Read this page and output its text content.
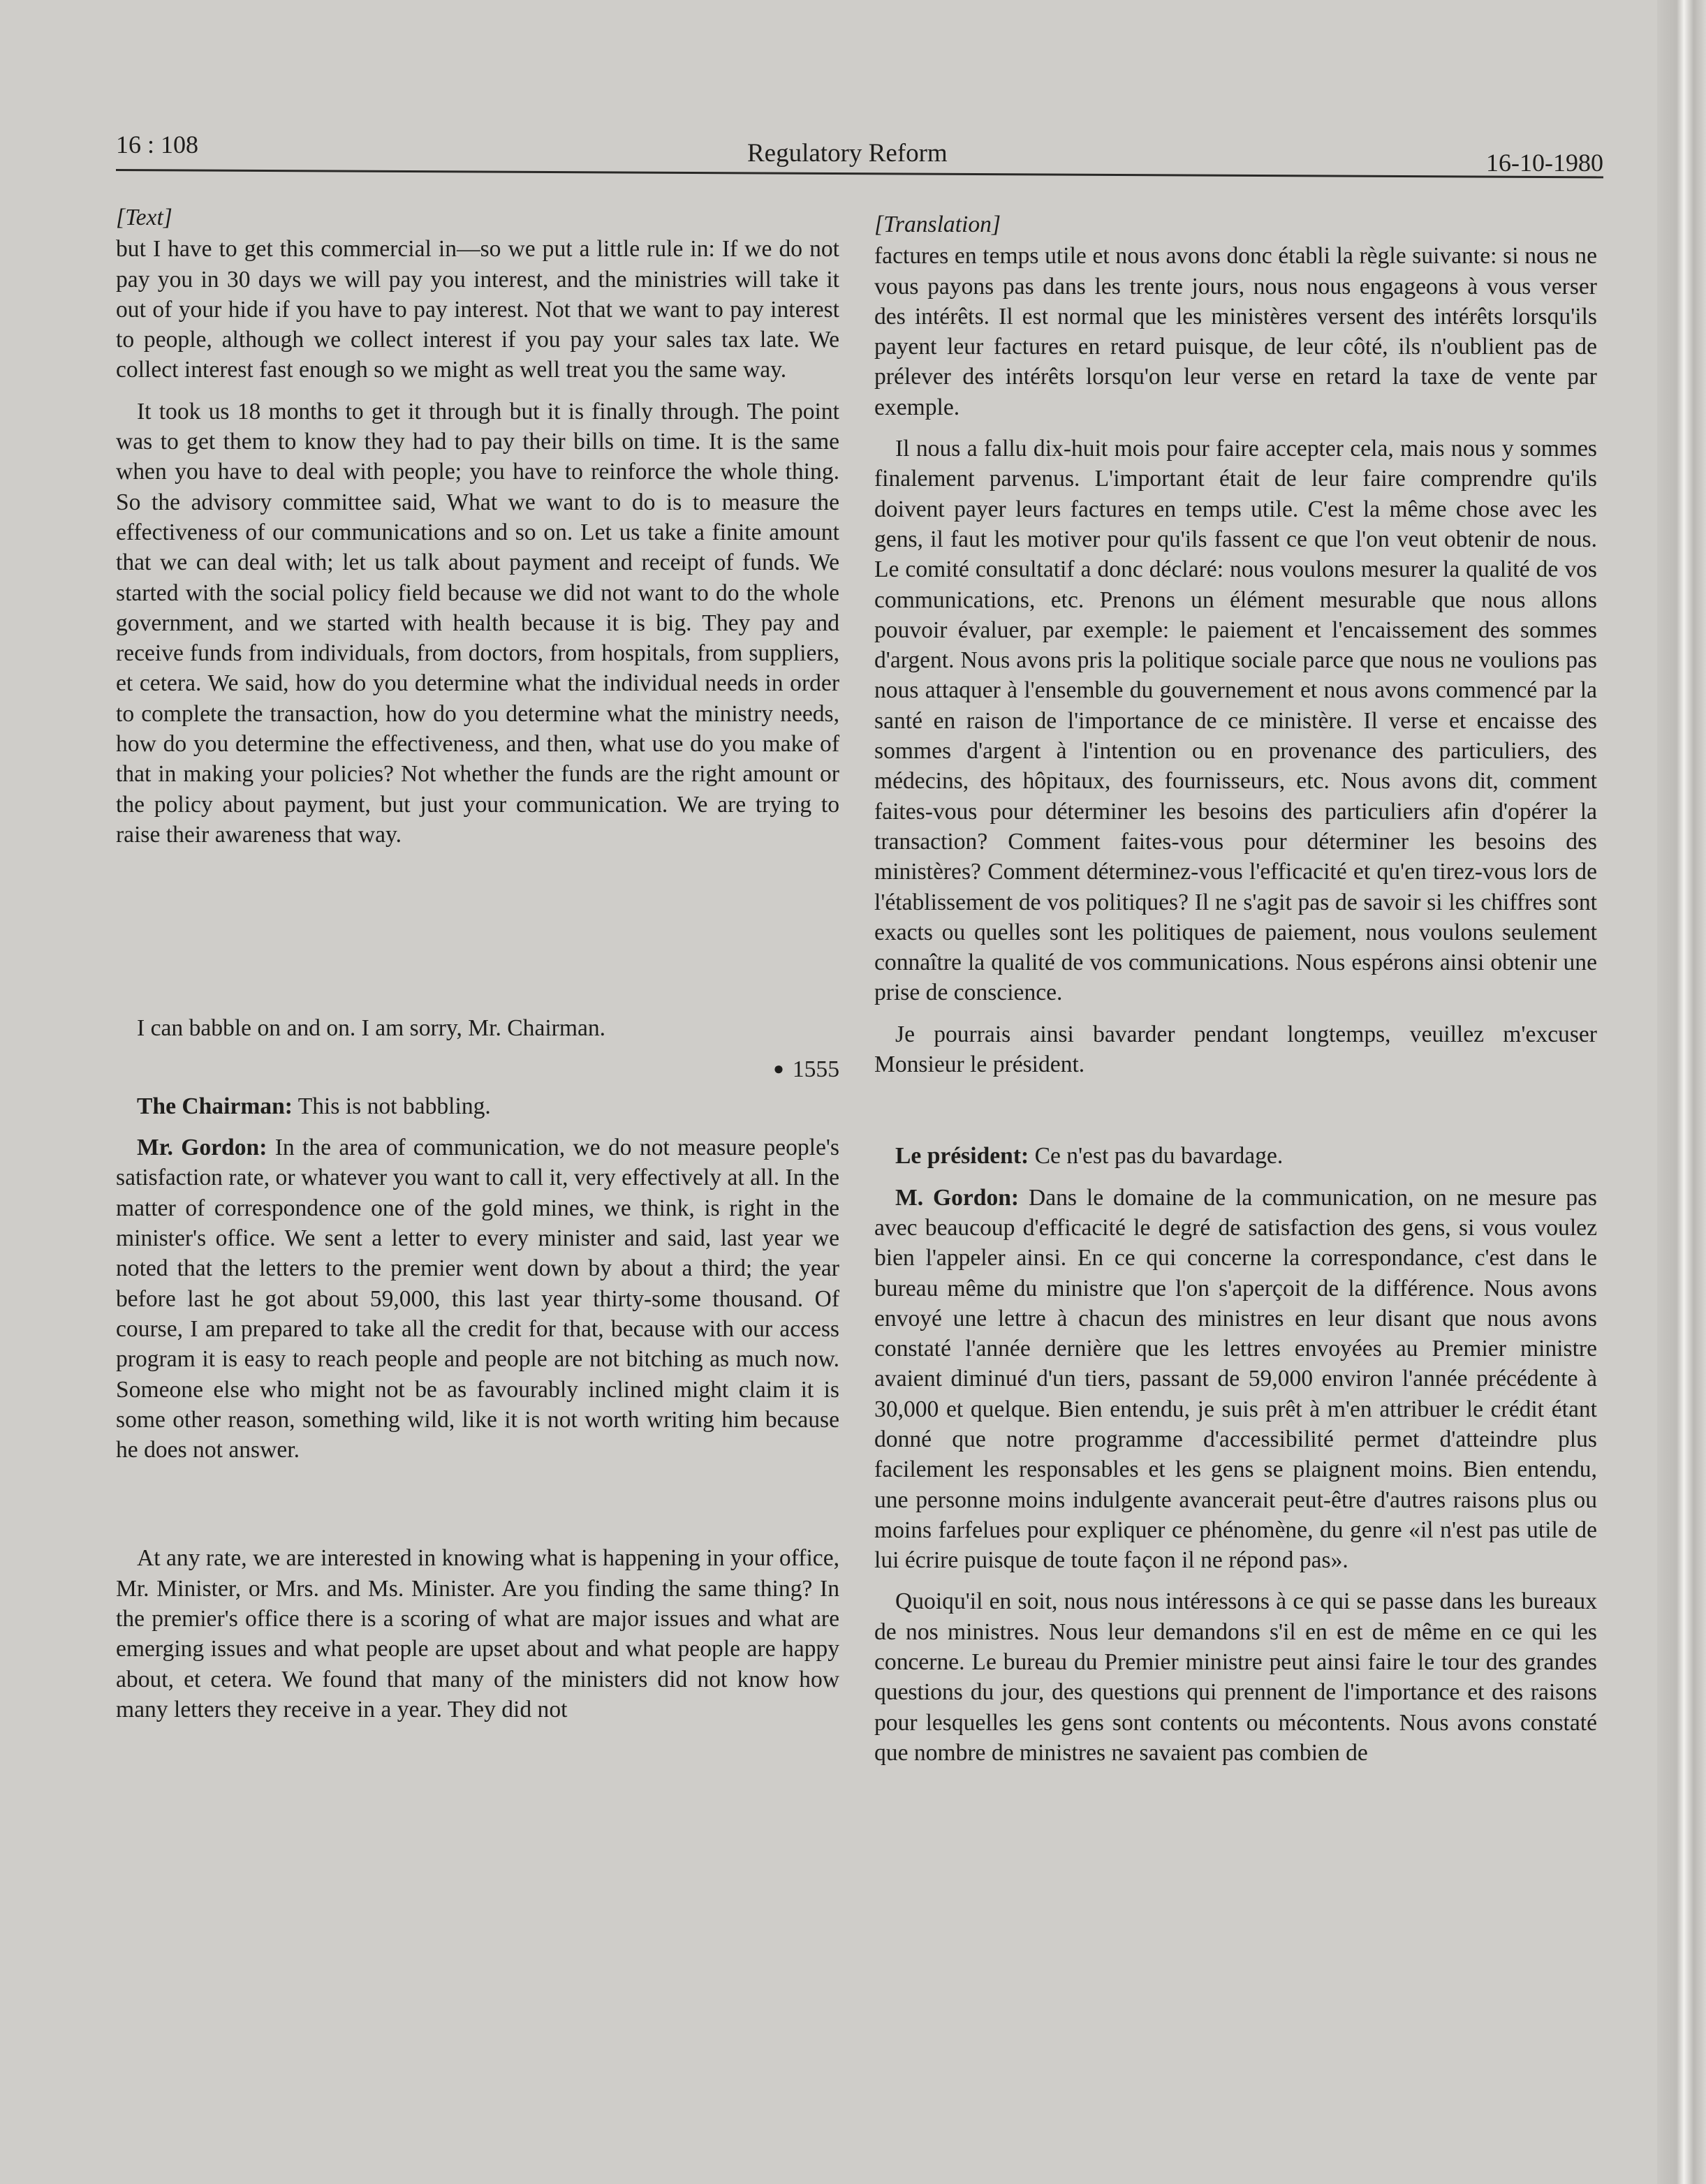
16 : 108	Regulatory Reform	16-10-1980

[Text]

but I have to get this commercial in—so we put a little rule in: If we do not pay you in 30 days we will pay you interest, and the ministries will take it out of your hide if you have to pay interest. Not that we want to pay interest to people, although we collect interest if you pay your sales tax late. We collect interest fast enough so we might as well treat you the same way.

It took us 18 months to get it through but it is finally through. The point was to get them to know they had to pay their bills on time. It is the same when you have to deal with people; you have to reinforce the whole thing. So the advisory committee said, What we want to do is to measure the effectiveness of our communications and so on. Let us take a finite amount that we can deal with; let us talk about payment and receipt of funds. We started with the social policy field because we did not want to do the whole government, and we started with health because it is big. They pay and receive funds from individuals, from doctors, from hospitals, from suppliers, et cetera. We said, how do you determine what the individual needs in order to complete the transaction, how do you determine what the ministry needs, how do you determine the effectiveness, and then, what use do you make of that in making your policies? Not whether the funds are the right amount or the policy about payment, but just your communication. We are trying to raise their awareness that way.

I can babble on and on. I am sorry, Mr. Chairman.

● 1555

The Chairman: This is not babbling.

Mr. Gordon: In the area of communication, we do not measure people's satisfaction rate, or whatever you want to call it, very effectively at all. In the matter of correspondence one of the gold mines, we think, is right in the minister's office. We sent a letter to every minister and said, last year we noted that the letters to the premier went down by about a third; the year before last he got about 59,000, this last year thirty-some thousand. Of course, I am prepared to take all the credit for that, because with our access program it is easy to reach people and people are not bitching as much now. Someone else who might not be as favourably inclined might claim it is some other reason, something wild, like it is not worth writing him because he does not answer.

At any rate, we are interested in knowing what is happening in your office, Mr. Minister, or Mrs. and Ms. Minister. Are you finding the same thing? In the premier's office there is a scoring of what are major issues and what are emerging issues and what people are upset about and what people are happy about, et cetera. We found that many of the ministers did not know how many letters they receive in a year. They did not

[Translation]

factures en temps utile et nous avons donc établi la règle suivante: si nous ne vous payons pas dans les trente jours, nous nous engageons à vous verser des intérêts. Il est normal que les ministères versent des intérêts lorsqu'ils payent leur factures en retard puisque, de leur côté, ils n'oublient pas de prélever des intérêts lorsqu'on leur verse en retard la taxe de vente par exemple.

Il nous a fallu dix-huit mois pour faire accepter cela, mais nous y sommes finalement parvenus. L'important était de leur faire comprendre qu'ils doivent payer leurs factures en temps utile. C'est la même chose avec les gens, il faut les motiver pour qu'ils fassent ce que l'on veut obtenir de nous. Le comité consultatif a donc déclaré: nous voulons mesurer la qualité de vos communications, etc. Prenons un élément mesurable que nous allons pouvoir évaluer, par exemple: le paiement et l'encaissement des sommes d'argent. Nous avons pris la politique sociale parce que nous ne voulions pas nous attaquer à l'ensemble du gouvernement et nous avons commencé par la santé en raison de l'importance de ce ministère. Il verse et encaisse des sommes d'argent à l'intention ou en provenance des particuliers, des médecins, des hôpitaux, des fournisseurs, etc. Nous avons dit, comment faites-vous pour déterminer les besoins des particuliers afin d'opérer la transaction? Comment faites-vous pour déterminer les besoins des ministères? Comment déterminez-vous l'efficacité et qu'en tirez-vous lors de l'établissement de vos politiques? Il ne s'agit pas de savoir si les chiffres sont exacts ou quelles sont les politiques de paiement, nous voulons seulement connaître la qualité de vos communications. Nous espérons ainsi obtenir une prise de conscience.

Je pourrais ainsi bavarder pendant longtemps, veuillez m'excuser Monsieur le président.

Le président: Ce n'est pas du bavardage.

M. Gordon: Dans le domaine de la communication, on ne mesure pas avec beaucoup d'efficacité le degré de satisfaction des gens, si vous voulez bien l'appeler ainsi. En ce qui concerne la correspondance, c'est dans le bureau même du ministre que l'on s'aperçoit de la différence. Nous avons envoyé une lettre à chacun des ministres en leur disant que nous avons constaté l'année dernière que les lettres envoyées au Premier ministre avaient diminué d'un tiers, passant de 59,000 environ l'année précédente à 30,000 et quelque. Bien entendu, je suis prêt à m'en attribuer le crédit étant donné que notre programme d'accessibilité permet d'atteindre plus facilement les responsables et les gens se plaignent moins. Bien entendu, une personne moins indulgente avancerait peut-être d'autres raisons plus ou moins farfelues pour expliquer ce phénomène, du genre «il n'est pas utile de lui écrire puisque de toute façon il ne répond pas».

Quoiqu'il en soit, nous nous intéressons à ce qui se passe dans les bureaux de nos ministres. Nous leur demandons s'il en est de même en ce qui les concerne. Le bureau du Premier ministre peut ainsi faire le tour des grandes questions du jour, des questions qui prennent de l'importance et des raisons pour lesquelles les gens sont contents ou mécontents. Nous avons constaté que nombre de ministres ne savaient pas combien de
